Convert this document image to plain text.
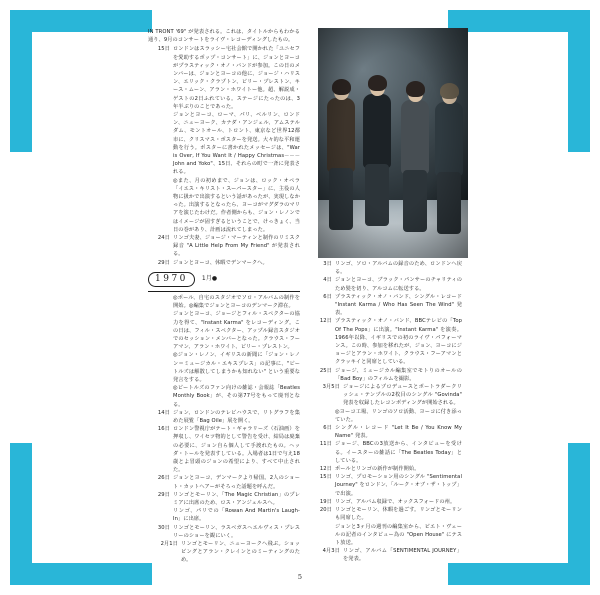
IN TRONT '69" が発表される。これは、タイトルからもわかる通り、9月のコンサートをライヴ・レコーディングしたもの。
15日 ロンドンはスラッシー宅社会館で開かれた「ユニセフを愛助するポップ・コンサート」に、ジョンとヨーコがプラスティック・オノ・バンドが参加。この日のメンバーは、ジョンとヨーコの他に、ジョージ・ハリスン、エリック・クラプトン、ビリー・プレストン、キース・ムーン、アラン・ホワイトー他。超、解説成・ゲストの2日ふれている。ステージにたったのは、3年半ぶりのことであった。
ジョンとヨーコ、ローマ、パリ、ベルリン、ロンドン、ニューヨーク、カナダ・アンジェル、アムステルダム、モントオール、トロント、東京など世界12都市に、クリスマス・ポスターを発送。大々的な平和運動を行う。ポスターに書かれたメッセージは、"War is Over, If You Want It / Happy Christmas－－－John and Yoko"、15日、それらの町で一斉に発表される。
◎また、月の初めまで、ジョンは、ロック・オペラ「イエス・キリスト・スーパースター」に、主役の人物に扱かで出演するという話があったが、実現しなかった。出演するとなったら、ヨーコがマグダラのマリアを演じたわけだ。作者側からも、ジョン・レノンではイメージが固すぎるということで、けっきょく、当日の巻があり、計画は流れてしまった。
24日 リンゴ夫妻、ジョージ・マーティンと制作のリミスク録音 "A Little Help From My Friend" が発表される。
29日 ジョンとヨーコ、休暇でデンマークへ。
1970	1月●
◎ポール、自宅のスタジオでソロ・アルバムの制作を開始。◎編集でジョンとヨーコのデンマーク滞在。
ジョンとヨーコ、ジョージとフィル・スペクターの協力を得て、"Instant Karma" をレコーディング。この日は、フィル・スペクター、アップル録音スタジオでのセッション・メンバーとなった。クラウス・フーアマン、アラン・ホワイト、ビリー・プレストン。
◎ジョン・レノン、イギリスの新聞に「ジョン・レノン＝ミュージカル・エキスプレス」の記事に、"ビートルズは解散してしまうかも知れない" という重要な発言をする。
◎ビートルズのファン向けの雑誌・会報誌「Beatles Monthly Book」が、その第77号をもって廃刊となる。
14日 ジョン、ロンドンのテレビハウスで、リトグラフを集めた展覧「Bag Oile」展を開く。
16日 ロンドン警視庁がテート・ギャラリーズ（石油画）を押収し、ワイセツ物的として警告を受け、結局は廃棄の必要に、ジョン自ら個人して手渡れたもの。ヘッダ・トールを発表すしている。入場者は1日で与え18歳とよ冒頭のジョンの希望により、すべて中止された。
26日 ジョンとヨーコ、デンマークより帰国。2人のショート・カットへアーがそろった話題を呼んだ。
29日 リンゴとモーリン、「The Magic Christian」のプレミアに出席のため、ロス・アンジェルスへ。
リンゴ、パリでの「Rowan And Martin's Laugh-In」に出席。
30日 リンゴとモーリン、ラスベガスヘエルヴィス・プレスリーのショーを観にいく。
2月1日 リンゴとモーリン、ニューヨークへ飛ぶ。ショッピングとアラン・クレインとのミーティングのため。
3日 リンゴ、ソロ・アルバムの録音のため、ロンドンへ戻る。
4日 ジョンとヨーコ、ブラック・パンサーのチャリティのため髪を切り、アルコムに転送する。
6日 プラスティック・オノ・バンド、シングル・レコード "Instant Karma / Who Has Seen The Wind" 発表。
12日 プラスティック・オノ・バンド、BBCテレビの「Top Of The Pops」に出演。"Instant Karma" を演奏。1966年以降、イギリスでの初のライヴ・パフォーマンス。この時、参加を移れたが、ジョン、ヨーコにジョージとアラン・ホワイト、クラウス・フーアマンとクラッキイと同席としている。
25日 ジョージ、ミュージカル編集室でモトりのオールの「Bad Boy」のフィルムを撮影。
3月5日 ジョージによるプロデュースとボートラダークリッシュ・テンプルの2枚目のシングル "Govinda" 発表を収録したレコンボディングが開始される。
◎ヨーコ工場、リンゴのソロ活動、ヨーコに付き添っていた。
6日 シングル・レコード "Let It Be / You Know My Name" 発表。
11日 ジョージ、BBCの3放送から、インタビューを受ける。イースターの雑話に「The Beatles Today」としている。
12日 ポールとリンゴの新作が制作開始。
15日 リンゴ、プロモーション用のシングル "Sentimental Journey" をロンドン、「ルーク・オブ・ザ・トップ」で出演。
19日 リンゴ、アルバム収録で、オックスフォードの州。
20日 リンゴとモーリン、休暇を過ごす。リンゴとモーリンも同席した。
ジョンと3ヶ月の週刊の編集室から、ピエト・ヴェールの記者のインタビュー為の "Open House" にテスト放送。
4月3日 リンゴ、アルバム「SENTIMENTAL JOURNEY」を発表。
5
